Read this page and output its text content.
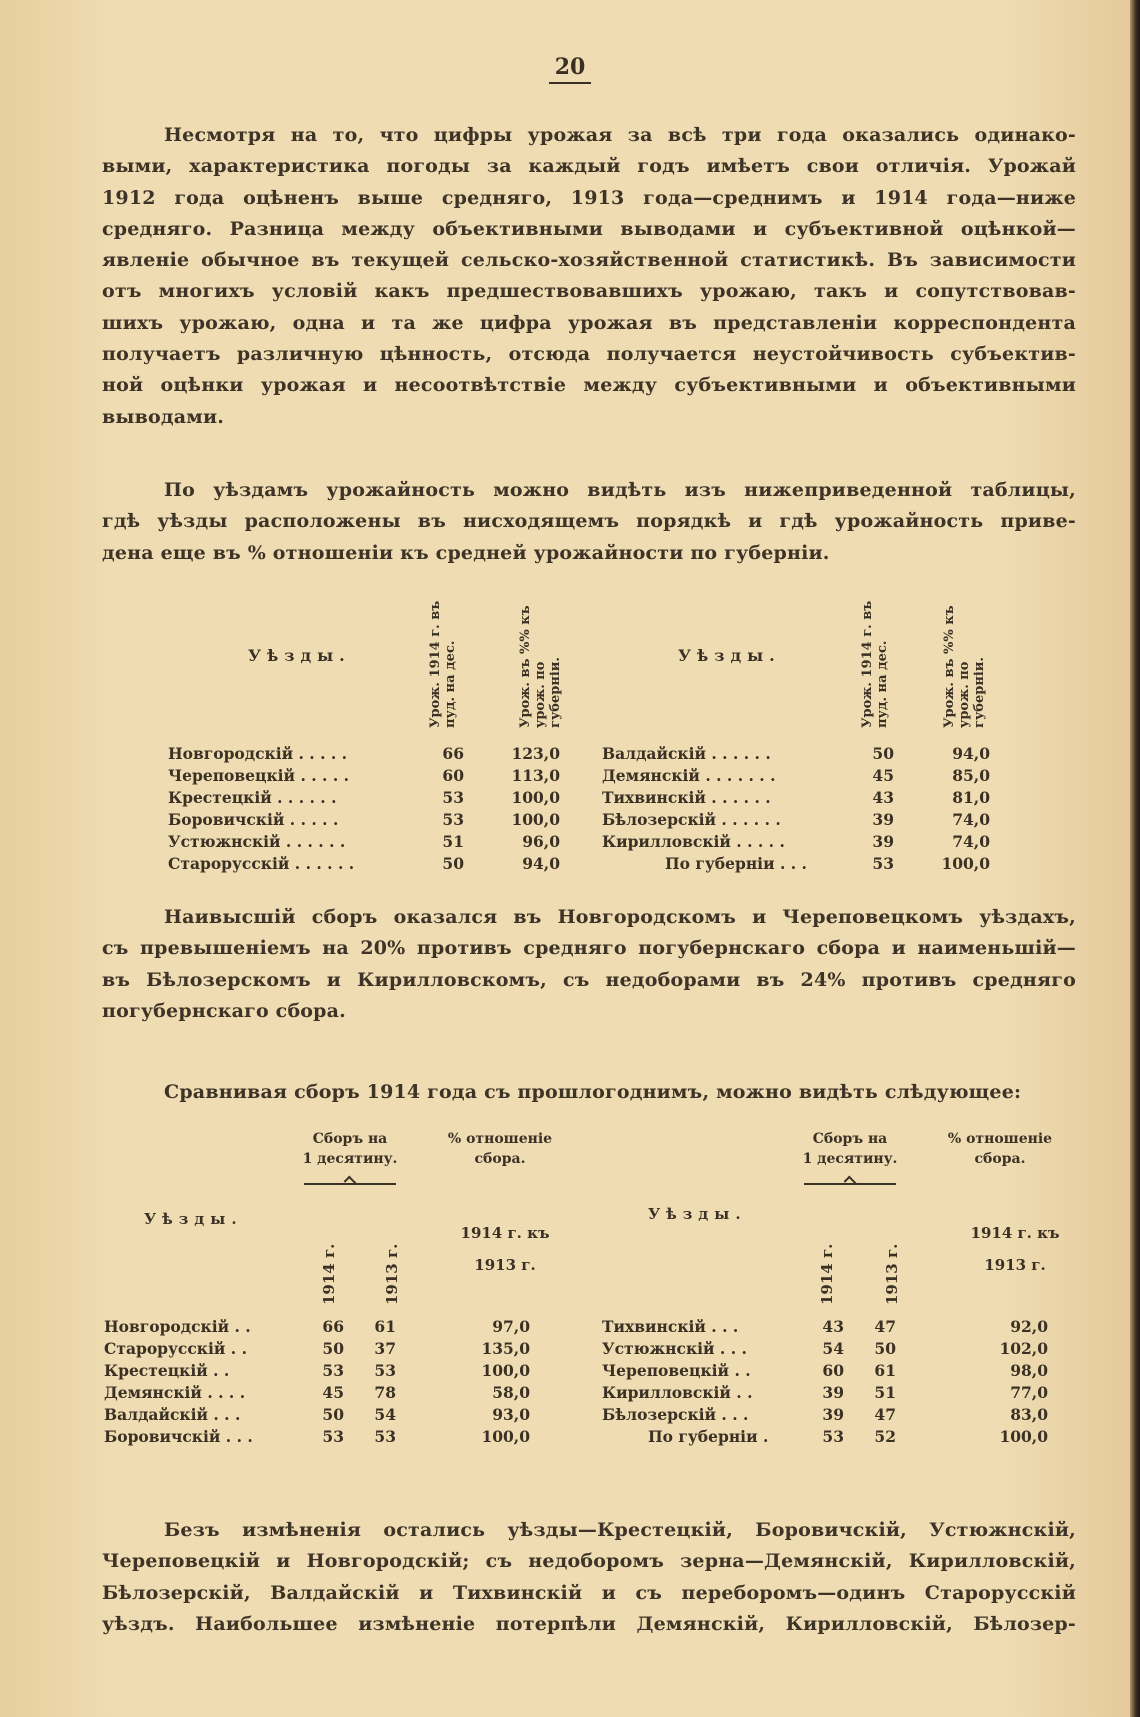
20
Несмотря на то, что цифры урожая за всѣ три года оказались одинако-
выми, характеристика погоды за каждый годъ имѣетъ свои отличія. Урожай
1912 года оцѣненъ выше средняго, 1913 года—среднимъ и 1914 года—ниже
средняго. Разница между объективными выводами и субъективной оцѣнкой—
явленіе обычное въ текущей сельско-хозяйственной статистикѣ. Въ зависимости
отъ многихъ условій какъ предшествовавшихъ урожаю, такъ и сопутствовав-
шихъ урожаю, одна и та же цифра урожая въ представленіи корреспондента
получаетъ различную цѣнность, отсюда получается неустойчивость субъектив-
ной оцѣнки урожая и несоотвѣтствіе между субъективными и объективными
выводами.
По уѣздамъ урожайность можно видѣть изъ нижеприведенной таблицы,
гдѣ уѣзды расположены въ нисходящемъ порядкѣ и гдѣ урожайность приве-
дена еще въ % отношеніи къ средней урожайности по губерніи.
Уѣзды.	Урож. 1914 г. въ пуд. на дес.	Урож. въ %% къ урож. по губерніи.
Уѣзды.	Урож. 1914 г. въ пуд. на дес.	Урож. въ %% къ урож. по губерніи.
Новгородскій . . . . .	66	123,0	Валдайскій . . . . . .	50	94,0
Череповецкій . . . . .	60	113,0	Демянскій . . . . . . .	45	85,0
Крестецкій . . . . . .	53	100,0	Тихвинскій . . . . . .	43	81,0
Боровичскій . . . . .	53	100,0	Бѣлозерскій . . . . . .	39	74,0
Устюжнскій . . . . . .	51	96,0	Кирилловскій . . . . .	39	74,0
Старорусскій . . . . . .	50	94,0	По губерніи . . .	53	100,0
Наивысшій сборъ оказался въ Новгородскомъ и Череповецкомъ уѣздахъ,
съ превышеніемъ на 20% противъ средняго погубернскаго сбора и наименьшій—
въ Бѣлозерскомъ и Кирилловскомъ, съ недоборами въ 24% противъ средняго
погубернскаго сбора.
Сравнивая сборъ 1914 года съ прошлогоднимъ, можно видѣть слѣдующее:
Сборъ на
1 десятину.
% отношеніе
сбора.
Уѣзды.
1914 г.	1913 г.
1914 г. къ
1913 г.
Сборъ на
1 десятину.
% отношеніе
сбора.
Уѣзды.
1914 г.	1913 г.
1914 г. къ
1913 г.
Новгородскій . .	66	61	97,0	Тихвинскій . . .	43	47	92,0
Старорусскій . .	50	37	135,0	Устюжнскій . . .	54	50	102,0
Крестецкій . .	53	53	100,0	Череповецкій . .	60	61	98,0
Демянскій . . . .	45	78	58,0	Кирилловскій . .	39	51	77,0
Валдайскій . . .	50	54	93,0	Бѣлозерскій . . .	39	47	83,0
Боровичскій . . .	53	53	100,0	По губерніи .	53	52	100,0
Безъ измѣненія остались уѣзды—Крестецкій, Боровичскій, Устюжнскій,
Череповецкій и Новгородскій; съ недоборомъ зерна—Демянскій, Кирилловскій,
Бѣлозерскій, Валдайскій и Тихвинскій и съ переборомъ—одинъ Старорусскій
уѣздъ. Наибольшее измѣненіе потерпѣли Демянскій, Кирилловскій, Бѣлозер-
